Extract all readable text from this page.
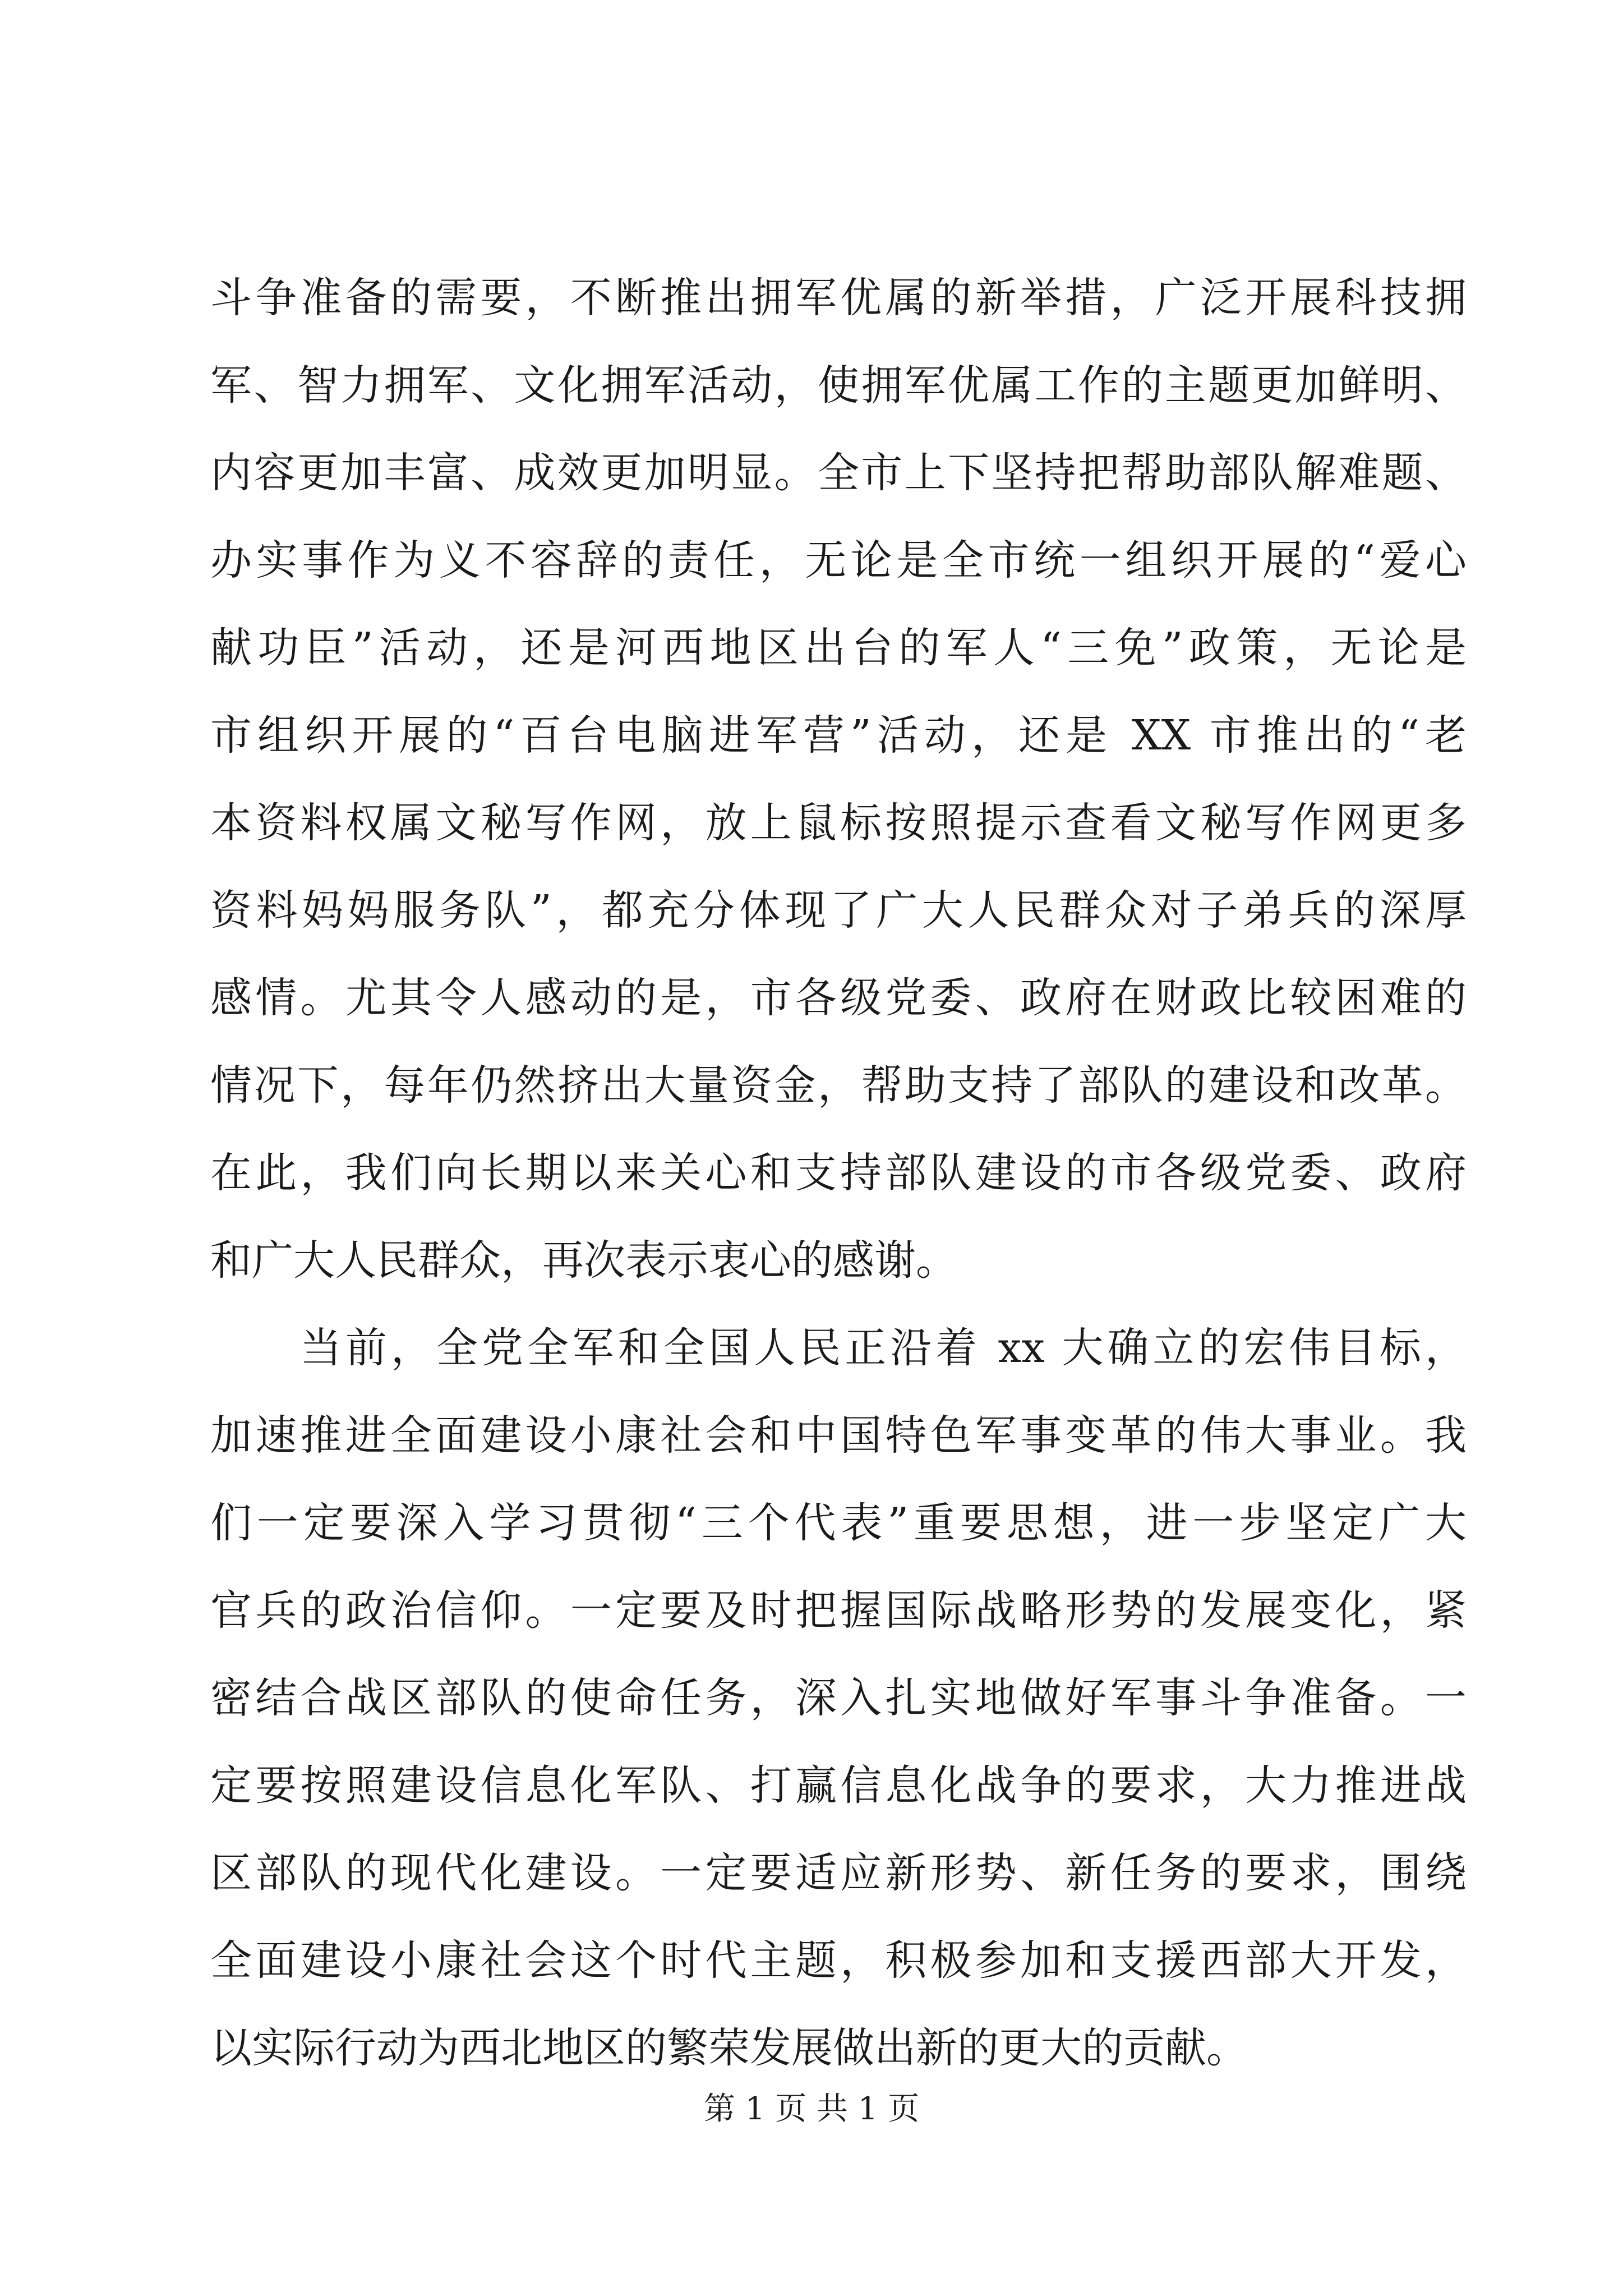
斗争准备的需要，不断推出拥军优属的新举措，广泛开展科技拥
军、智力拥军、文化拥军活动，使拥军优属工作的主题更加鲜明、
内容更加丰富、成效更加明显。全市上下坚持把帮助部队解难题、
办实事作为义不容辞的责任，无论是全市统一组织开展的“爱心
献功臣”活动，还是河西地区出台的军人“三免”政策，无论是
市组织开展的“百台电脑进军营”活动，还是 XX 市推出的“老
本资料权属文秘写作网，放上鼠标按照提示查看文秘写作网更多
资料妈妈服务队”，都充分体现了广大人民群众对子弟兵的深厚
感情。尤其令人感动的是，市各级党委、政府在财政比较困难的
情况下，每年仍然挤出大量资金，帮助支持了部队的建设和改革。
在此，我们向长期以来关心和支持部队建设的市各级党委、政府
和广大人民群众，再次表示衷心的感谢。
当前，全党全军和全国人民正沿着 xx 大确立的宏伟目标，
加速推进全面建设小康社会和中国特色军事变革的伟大事业。我
们一定要深入学习贯彻“三个代表”重要思想，进一步坚定广大
官兵的政治信仰。一定要及时把握国际战略形势的发展变化，紧
密结合战区部队的使命任务，深入扎实地做好军事斗争准备。一
定要按照建设信息化军队、打赢信息化战争的要求，大力推进战
区部队的现代化建设。一定要适应新形势、新任务的要求，围绕
全面建设小康社会这个时代主题，积极参加和支援西部大开发，
以实际行动为西北地区的繁荣发展做出新的更大的贡献。
第 1 页 共 1 页
